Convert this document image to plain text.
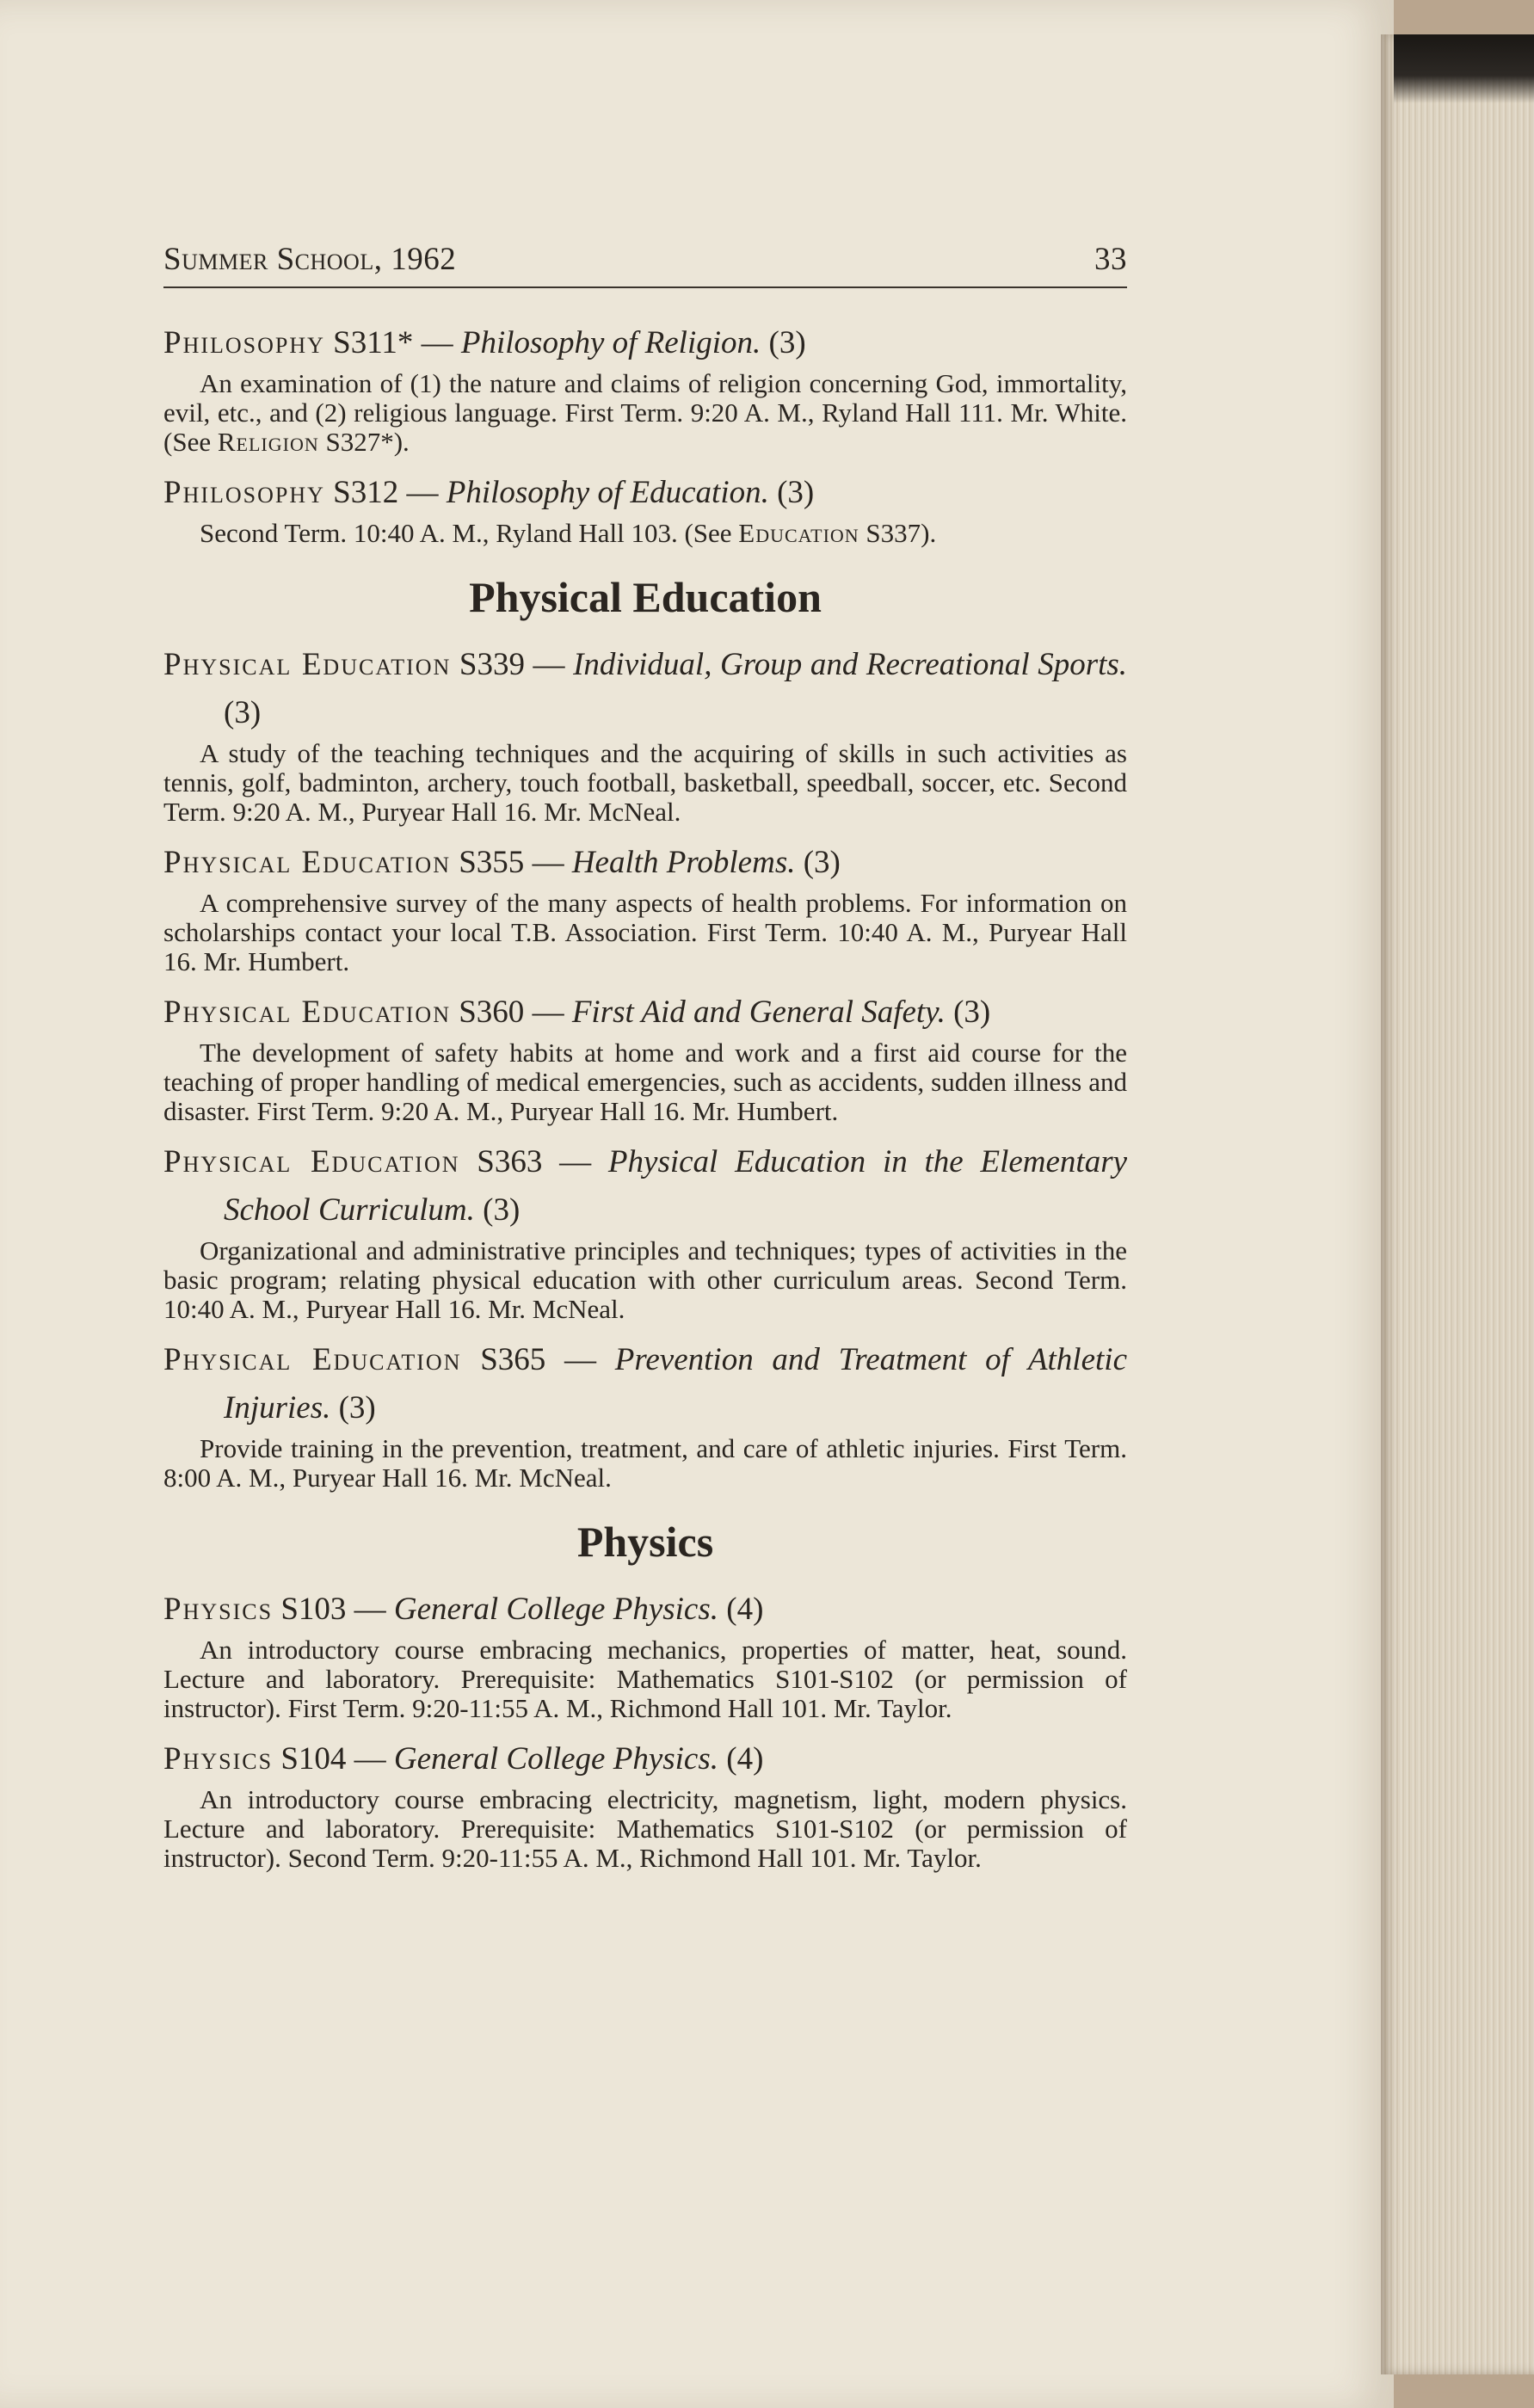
Summer School, 1962	33
Philosophy S311* — Philosophy of Religion. (3)
An examination of (1) the nature and claims of religion concerning God, immortality, evil, etc., and (2) religious language. First Term. 9:20 A. M., Ryland Hall 111. Mr. White. (See Religion S327*).
Philosophy S312 — Philosophy of Education. (3)
Second Term. 10:40 A. M., Ryland Hall 103. (See Education S337).
Physical Education
Physical Education S339 — Individual, Group and Recreational Sports. (3)
A study of the teaching techniques and the acquiring of skills in such activities as tennis, golf, badminton, archery, touch football, basketball, speedball, soccer, etc. Second Term. 9:20 A. M., Puryear Hall 16. Mr. McNeal.
Physical Education S355 — Health Problems. (3)
A comprehensive survey of the many aspects of health problems. For information on scholarships contact your local T.B. Association. First Term. 10:40 A. M., Puryear Hall 16. Mr. Humbert.
Physical Education S360 — First Aid and General Safety. (3)
The development of safety habits at home and work and a first aid course for the teaching of proper handling of medical emergencies, such as accidents, sudden illness and disaster. First Term. 9:20 A. M., Puryear Hall 16. Mr. Humbert.
Physical Education S363 — Physical Education in the Elementary School Curriculum. (3)
Organizational and administrative principles and techniques; types of activities in the basic program; relating physical education with other curriculum areas. Second Term. 10:40 A. M., Puryear Hall 16. Mr. McNeal.
Physical Education S365 — Prevention and Treatment of Athletic Injuries. (3)
Provide training in the prevention, treatment, and care of athletic injuries. First Term. 8:00 A. M., Puryear Hall 16. Mr. McNeal.
Physics
Physics S103 — General College Physics. (4)
An introductory course embracing mechanics, properties of matter, heat, sound. Lecture and laboratory. Prerequisite: Mathematics S101-S102 (or permission of instructor). First Term. 9:20-11:55 A. M., Richmond Hall 101. Mr. Taylor.
Physics S104 — General College Physics. (4)
An introductory course embracing electricity, magnetism, light, modern physics. Lecture and laboratory. Prerequisite: Mathematics S101-S102 (or permission of instructor). Second Term. 9:20-11:55 A. M., Richmond Hall 101. Mr. Taylor.
